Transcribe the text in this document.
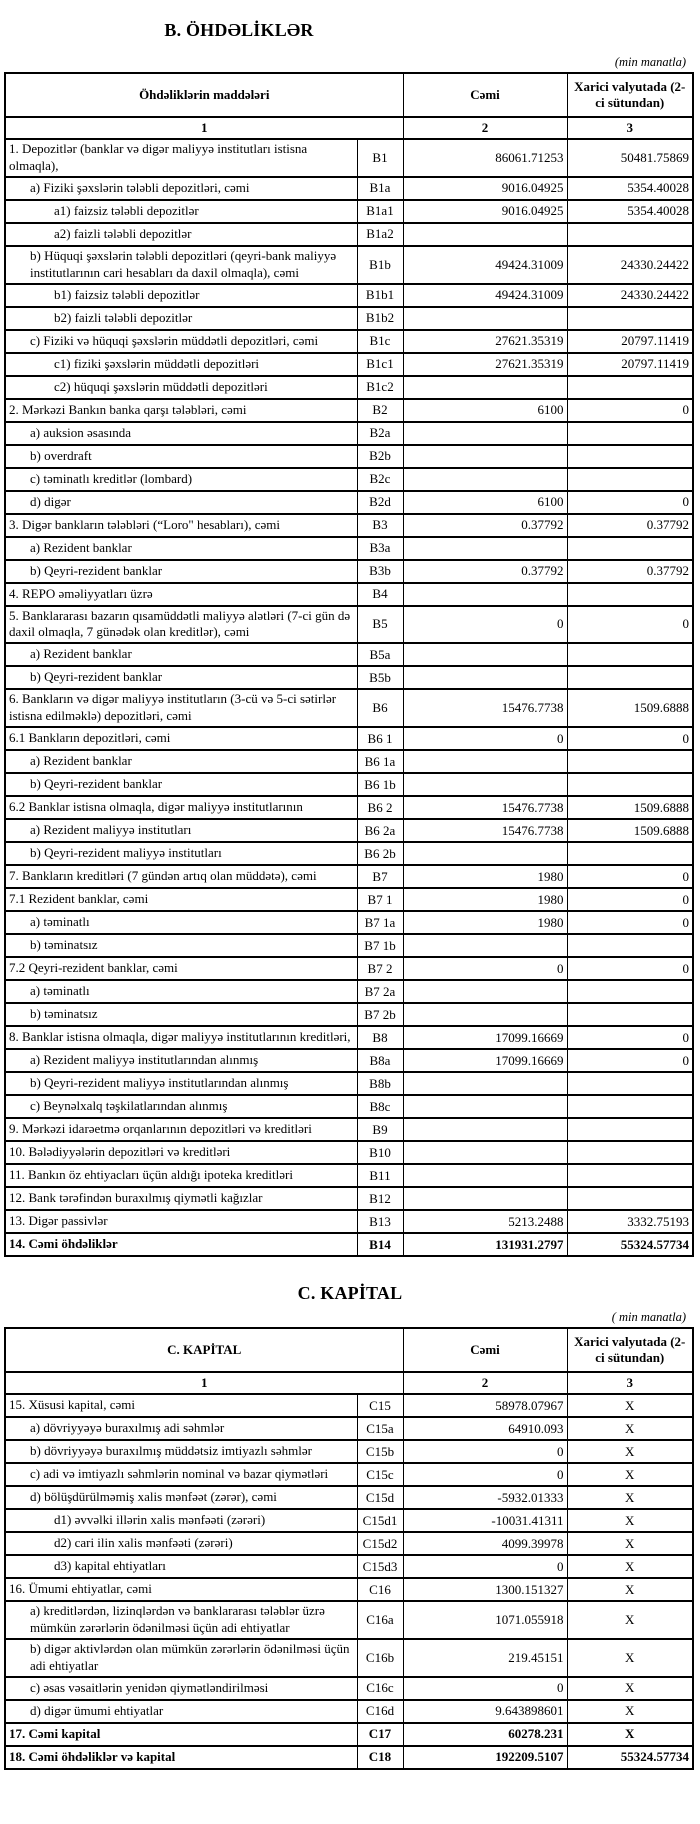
B. ÖHDƏLİKLƏR
(min manatla)
Öhdəliklərin maddələri		Cəmi	Xarici valyutada (2-ci sütundan)
1		2	3
1. Depozitlər (banklar və digər maliyyə institutları istisna olmaqla),	B1	86061.71253	50481.75869
a) Fiziki şəxslərin tələbli depozitləri, cəmi	B1a	9016.04925	5354.40028
a1) faizsiz tələbli depozitlər	B1a1	9016.04925	5354.40028
a2) faizli tələbli depozitlər	B1a2		
b) Hüquqi şəxslərin tələbli depozitləri (qeyri-bank maliyyə institutlarının cari hesabları da daxil olmaqla), cəmi	B1b	49424.31009	24330.24422
b1) faizsiz tələbli depozitlər	B1b1	49424.31009	24330.24422
b2) faizli tələbli depozitlər	B1b2		
c) Fiziki və hüquqi şəxslərin müddətli depozitləri, cəmi	B1c	27621.35319	20797.11419
c1) fiziki şəxslərin müddətli depozitləri	B1c1	27621.35319	20797.11419
c2) hüquqi şəxslərin müddətli depozitləri	B1c2		
2. Mərkəzi Bankın banka qarşı tələbləri, cəmi	B2	6100	0
a) auksion əsasında	B2a		
b) overdraft	B2b		
c) təminatlı kreditlər (lombard)	B2c		
d) digər	B2d	6100	0
3. Digər bankların tələbləri (“Loro" hesabları), cəmi	B3	0.37792	0.37792
a) Rezident banklar	B3a		
b) Qeyri-rezident banklar	B3b	0.37792	0.37792
4. REPO əməliyyatları üzrə	B4		
5. Banklararası bazarın qısamüddətli maliyyə alətləri (7-ci gün də daxil olmaqla, 7 günədək olan kreditlər), cəmi	B5	0	0
a) Rezident banklar	B5a		
b) Qeyri-rezident banklar	B5b		
6. Bankların və digər maliyyə institutların (3-cü və 5-ci sətirlər istisna edilməklə) depozitləri, cəmi	B6	15476.7738	1509.6888
6.1 Bankların depozitləri, cəmi	B6 1	0	0
a) Rezident banklar	B6 1a		
b) Qeyri-rezident banklar	B6 1b		
6.2 Banklar istisna olmaqla, digər maliyyə institutlarının	B6 2	15476.7738	1509.6888
a) Rezident maliyyə institutları	B6 2a	15476.7738	1509.6888
b) Qeyri-rezident maliyyə institutları	B6 2b		
7. Bankların kreditləri (7 gündən artıq olan müddətə), cəmi	B7	1980	0
7.1 Rezident banklar, cəmi	B7 1	1980	0
a) təminatlı	B7 1a	1980	0
b) təminatsız	B7 1b		
7.2 Qeyri-rezident banklar, cəmi	B7 2	0	0
a) təminatlı	B7 2a		
b) təminatsız	B7 2b		
8. Banklar istisna olmaqla, digər maliyyə institutlarının kreditləri,	B8	17099.16669	0
a) Rezident maliyyə institutlarından alınmış	B8a	17099.16669	0
b) Qeyri-rezident maliyyə institutlarından alınmış	B8b		
c) Beynəlxalq təşkilatlarından alınmış	B8c		
9. Mərkəzi idarəetmə orqanlarının depozitləri və kreditləri	B9		
10. Bələdiyyələrin depozitləri və kreditləri	B10		
11. Bankın öz ehtiyacları üçün aldığı ipoteka kreditləri	B11		
12. Bank tərəfindən buraxılmış qiymətli kağızlar	B12		
13. Digər passivlər	B13	5213.2488	3332.75193
14. Cəmi öhdəliklər	B14	131931.2797	55324.57734
C. KAPİTAL
( min manatla)
C. KAPİTAL		Cəmi	Xarici valyutada (2-ci sütundan)
1		2	3
15. Xüsusi kapital, cəmi	C15	58978.07967	X
a) dövriyyəyə buraxılmış adi səhmlər	C15a	64910.093	X
b) dövriyyəyə buraxılmış müddətsiz imtiyazlı səhmlər	C15b	0	X
c) adi və imtiyazlı səhmlərin nominal və bazar qiymətləri	C15c	0	X
d) bölüşdürülməmiş xalis mənfəət (zərər), cəmi	C15d	-5932.01333	X
d1) əvvəlki illərin xalis mənfəəti (zərəri)	C15d1	-10031.41311	X
d2) cari ilin xalis mənfəəti (zərəri)	C15d2	4099.39978	X
d3) kapital ehtiyatları	C15d3	0	X
16. Ümumi ehtiyatlar, cəmi	C16	1300.151327	X
a) kreditlərdən, lizinqlərdən və banklararası tələblər üzrə mümkün zərərlərin ödənilməsi üçün adi ehtiyatlar	C16a	1071.055918	X
b) digər aktivlərdən olan mümkün zərərlərin ödənilməsi üçün adi ehtiyatlar	C16b	219.45151	X
c) əsas vəsaitlərin yenidən qiymətləndirilməsi	C16c	0	X
d) digər ümumi ehtiyatlar	C16d	9.643898601	X
17. Cəmi kapital	C17	60278.231	X
18. Cəmi öhdəliklər və kapital	C18	192209.5107	55324.57734
